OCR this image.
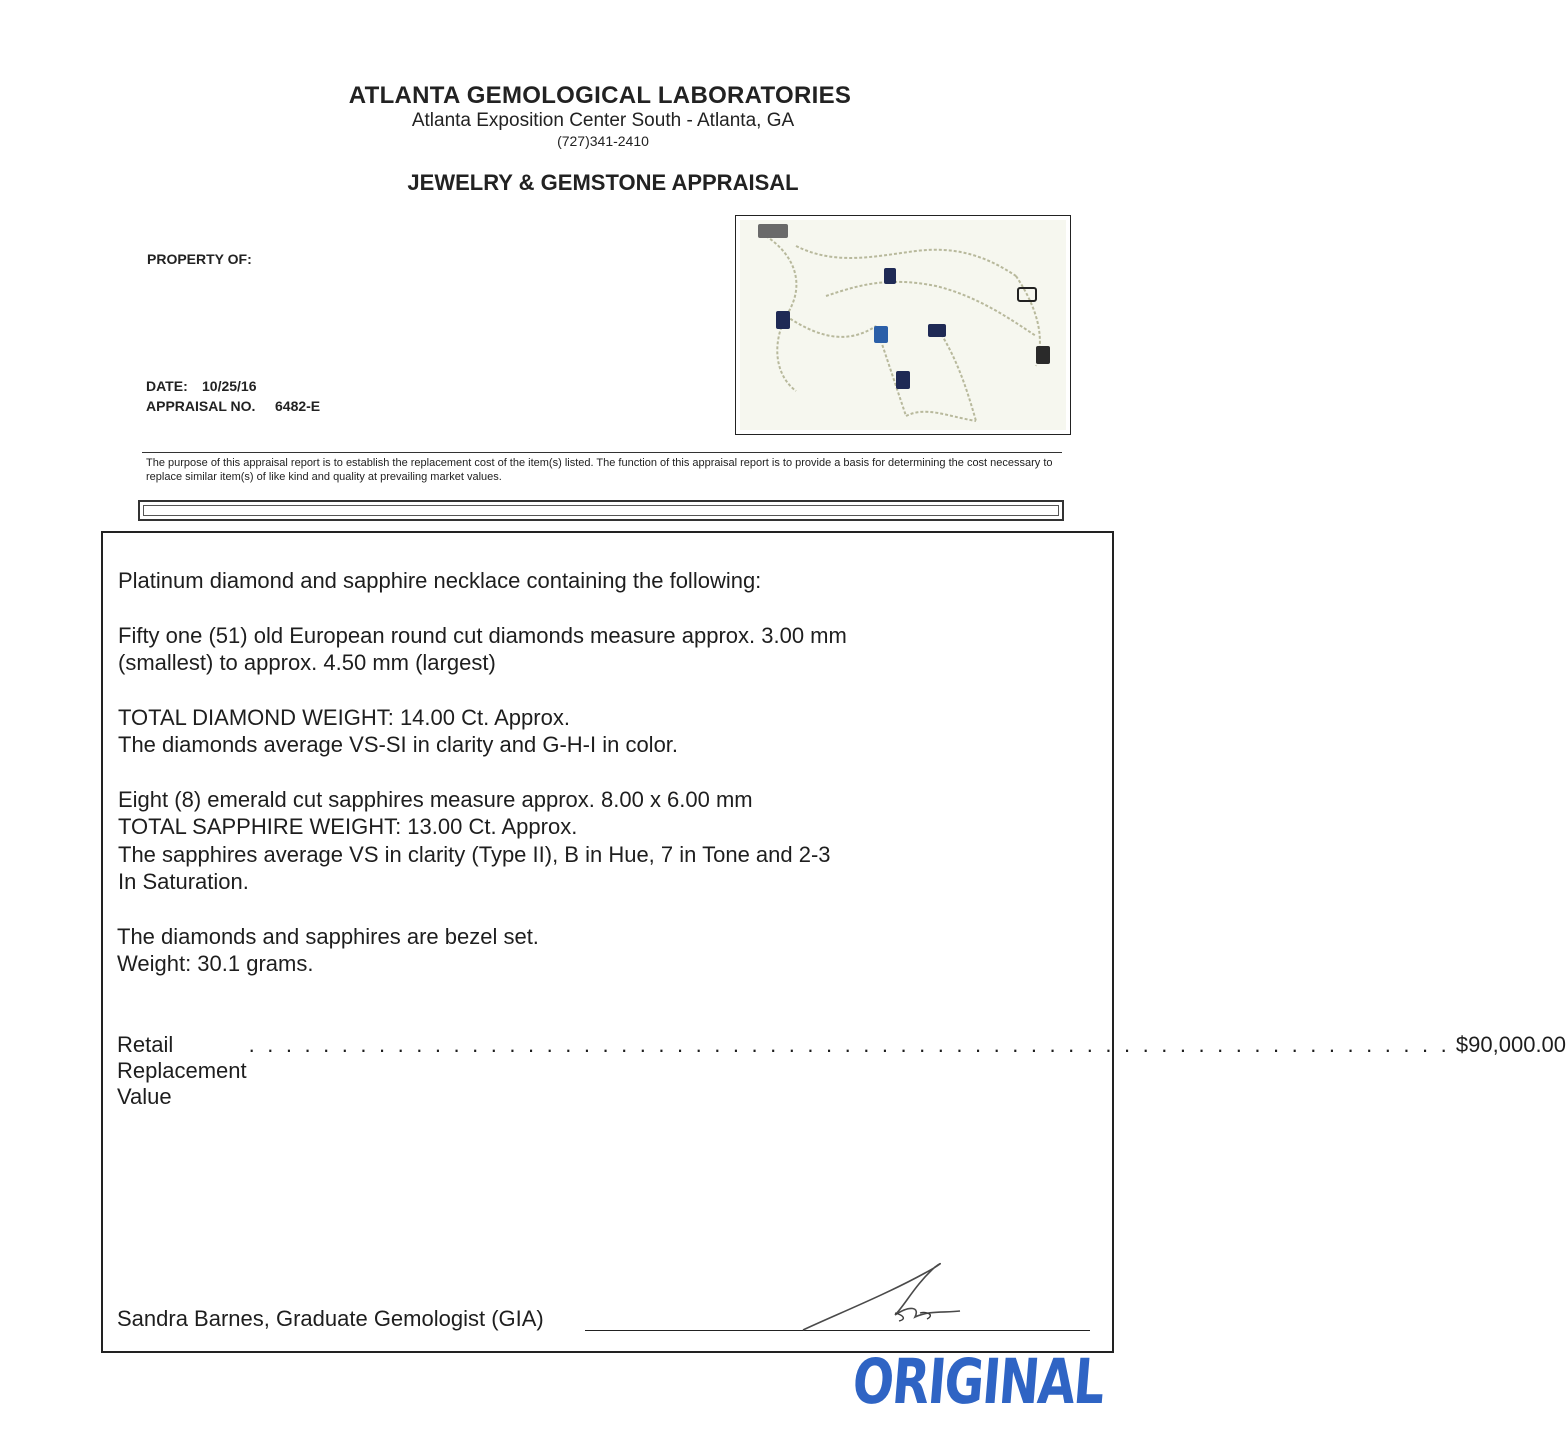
ATLANTA GEMOLOGICAL LABORATORIES
Atlanta Exposition Center South - Atlanta, GA
(727)341-2410
JEWELRY & GEMSTONE APPRAISAL
PROPERTY OF:
DATE: 10/25/16
APPRAISAL NO. 6482-E
The purpose of this appraisal report is to establish the replacement cost of the item(s) listed. The function of this appraisal report is to provide a basis for determining the cost necessary to replace similar item(s) of like kind and quality at prevailing market values.
Platinum diamond and sapphire necklace containing the following:
Fifty one (51) old European round cut diamonds measure approx. 3.00 mm
(smallest) to approx. 4.50 mm (largest)
TOTAL DIAMOND WEIGHT: 14.00 Ct. Approx.
The diamonds average VS-SI in clarity and G-H-I in color.
Eight (8) emerald cut sapphires measure approx. 8.00 x 6.00 mm
TOTAL SAPPHIRE WEIGHT: 13.00 Ct. Approx.
The sapphires average VS in clarity (Type II), B in Hue, 7 in Tone and 2-3
In Saturation.
The diamonds and sapphires are bezel set.
Weight: 30.1 grams.
Retail Replacement Value
. . . . . . . . . . . . . . . . . . . . . . . . . . . . . . . . . . . . . . . . . . . . . . . . . . . . . . . . . . . . . . . . . $90,000.00
Sandra Barnes, Graduate Gemologist (GIA)
ORIGINAL
